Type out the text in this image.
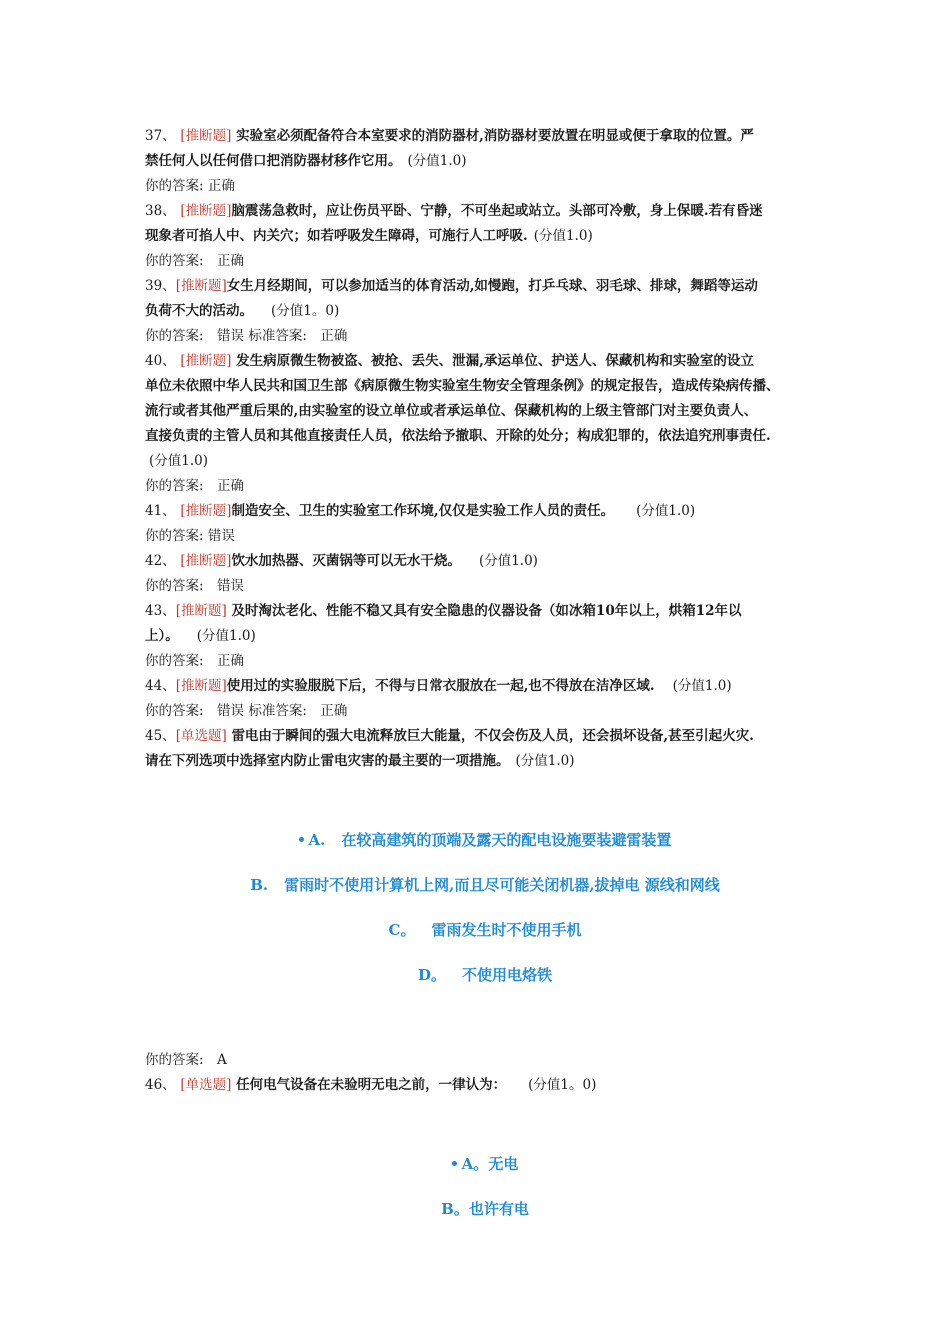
37、 [推断题] 实验室必须配备符合本室要求的消防器材,消防器材要放置在明显或便于拿取的位置。严
禁任何人以任何借口把消防器材移作它用。 (分值1.0)
你的答案: 正确
38、 [推断题]脑震荡急救时，应让伤员平卧、宁静，不可坐起或站立。头部可冷敷，身上保暖.若有昏迷
现象者可掐人中、内关穴；如若呼吸发生障碍，可施行人工呼吸. (分值1.0)
你的答案:　正确
39、[推断题]女生月经期间，可以参加适当的体育活动,如慢跑，打乒乓球、羽毛球、排球，舞蹈等运动
负荷不大的活动。 (分值1。0)
你的答案:　错误 标准答案:　正确
40、 [推断题] 发生病原微生物被盗、被抢、丢失、泄漏,承运单位、护送人、保藏机构和实验室的设立
单位未依照中华人民共和国卫生部《病原微生物实验室生物安全管理条例》的规定报告，造成传染病传播、
流行或者其他严重后果的,由实验室的设立单位或者承运单位、保藏机构的上级主管部门对主要负责人、
直接负责的主管人员和其他直接责任人员，依法给予撤职、开除的处分；构成犯罪的，依法追究刑事责任.
(分值1.0)
你的答案:　正确
41、 [推断题]制造安全、卫生的实验室工作环境,仅仅是实验工作人员的责任。 (分值1.0)
你的答案: 错误
42、 [推断题]饮水加热器、灭菌锅等可以无水干烧。 (分值1.0)
你的答案:　错误
43、[推断题] 及时淘汰老化、性能不稳又具有安全隐患的仪器设备（如冰箱10年以上，烘箱12年以
上）。 (分值1.0)
你的答案:　正确
44、[推断题]使用过的实验服脱下后，不得与日常衣服放在一起,也不得放在洁净区域. (分值1.0)
你的答案:　错误 标准答案:　正确
45、[单选题] 雷电由于瞬间的强大电流释放巨大能量，不仅会伤及人员，还会损坏设备,甚至引起火灾.
请在下列选项中选择室内防止雷电灾害的最主要的一项措施。 (分值1.0)
A. 在较高建筑的顶端及露天的配电设施要装避雷装置
B. 雷雨时不使用计算机上网,而且尽可能关闭机器,拔掉电 源线和网线
C。 雷雨发生时不使用手机
D。 不使用电烙铁
你的答案:　A
46、 [单选题] 任何电气设备在未验明无电之前，一律认为： (分值1。0)
A。无电
B。也许有电
